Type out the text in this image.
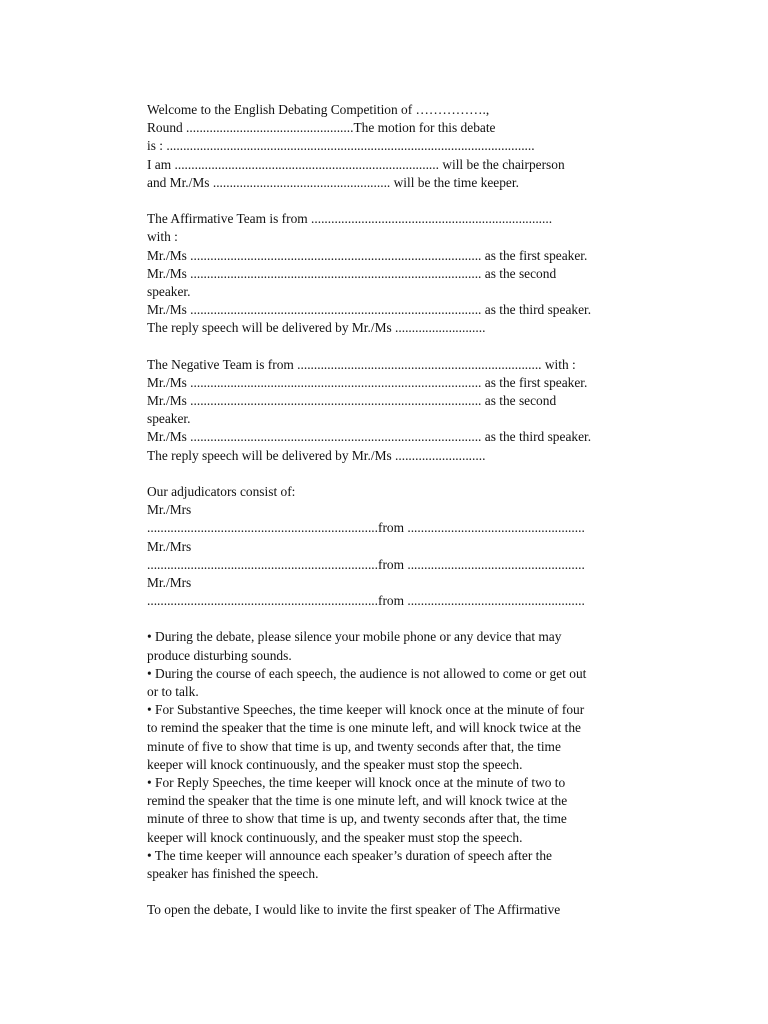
Welcome to the English Debating Competition of …………….,
Round ..................................................The motion for this debate
is : ..............................................................................................................
I am ............................................................................... will be the chairperson
and Mr./Ms ..................................................... will be the time keeper.
The Affirmative Team is from ........................................................................
with :
Mr./Ms ....................................................................................... as the first speaker.
Mr./Ms ....................................................................................... as the second
speaker.
Mr./Ms ....................................................................................... as the third speaker.
The reply speech will be delivered by Mr./Ms ...........................
The Negative Team is from ......................................................................... with :
Mr./Ms ....................................................................................... as the first speaker.
Mr./Ms ....................................................................................... as the second
speaker.
Mr./Ms ....................................................................................... as the third speaker.
The reply speech will be delivered by Mr./Ms ...........................
Our adjudicators consist of:
Mr./Mrs
.....................................................................from .....................................................
Mr./Mrs
.....................................................................from .....................................................
Mr./Mrs
.....................................................................from .....................................................
• During the debate, please silence your mobile phone or any device that may
produce disturbing sounds.
• During the course of each speech, the audience is not allowed to come or get out
or to talk.
• For Substantive Speeches, the time keeper will knock once at the minute of four
to remind the speaker that the time is one minute left, and will knock twice at the
minute of five to show that time is up, and twenty seconds after that, the time
keeper will knock continuously, and the speaker must stop the speech.
• For Reply Speeches, the time keeper will knock once at the minute of two to
remind the speaker that the time is one minute left, and will knock twice at the
minute of three to show that time is up, and twenty seconds after that, the time
keeper will knock continuously, and the speaker must stop the speech.
• The time keeper will announce each speaker’s duration of speech after the
speaker has finished the speech.
To open the debate, I would like to invite the first speaker of The Affirmative
